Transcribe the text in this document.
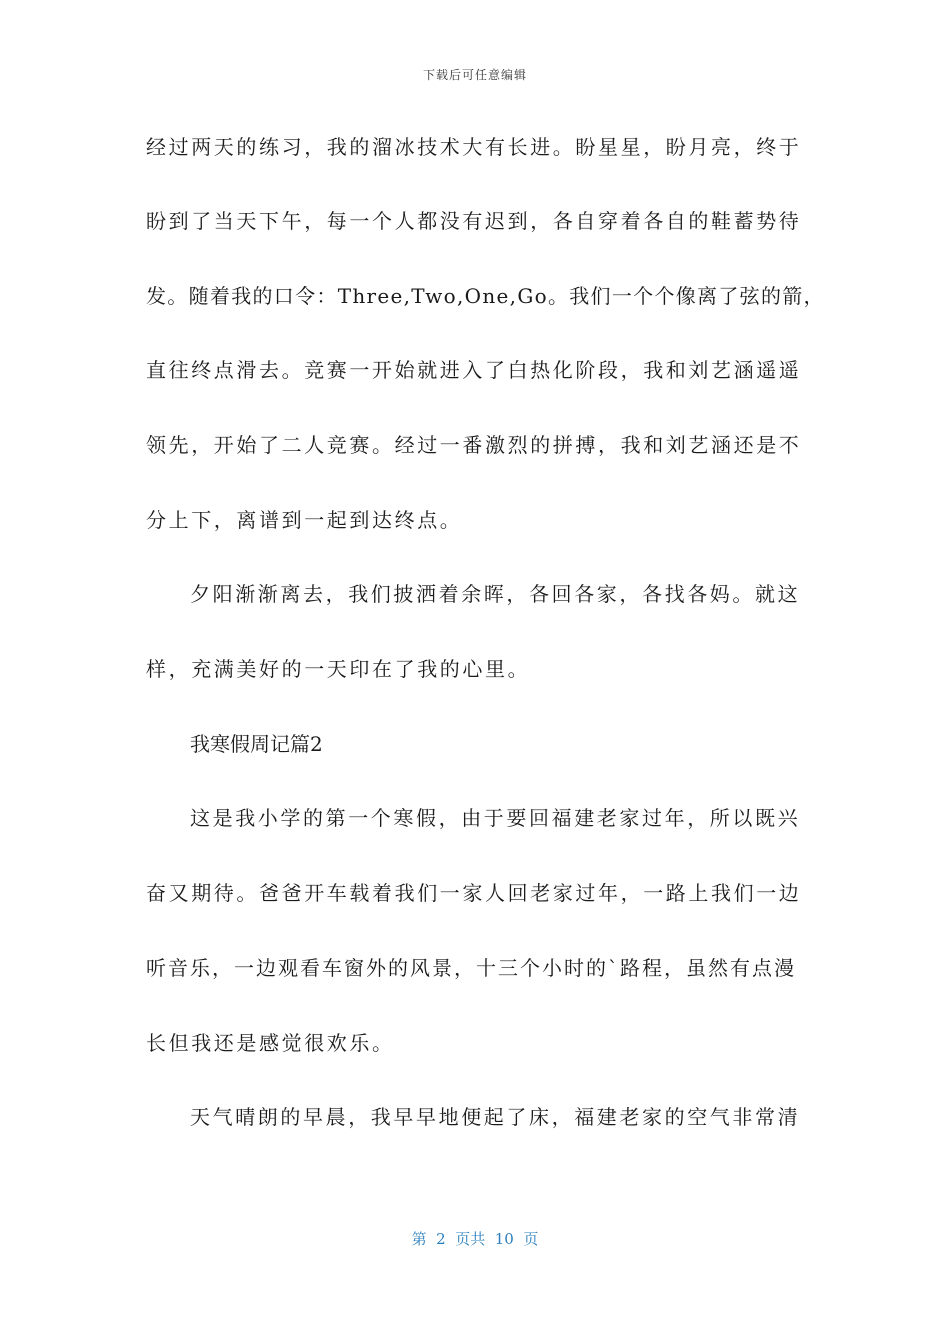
下载后可任意编辑
经过两天的练习，我的溜冰技术大有长进。盼星星，盼月亮，终于
盼到了当天下午，每一个人都没有迟到，各自穿着各自的鞋蓄势待
发。随着我的口令：Three,Two,One,Go。我们一个个像离了弦的箭，
直往终点滑去。竞赛一开始就进入了白热化阶段，我和刘艺涵遥遥
领先，开始了二人竞赛。经过一番激烈的拼搏，我和刘艺涵还是不
分上下，离谱到一起到达终点。
夕阳渐渐离去，我们披洒着余晖，各回各家，各找各妈。就这
样，充满美好的一天印在了我的心里。
我寒假周记篇2
这是我小学的第一个寒假，由于要回福建老家过年，所以既兴
奋又期待。爸爸开车载着我们一家人回老家过年，一路上我们一边
听音乐，一边观看车窗外的风景，十三个小时的`路程，虽然有点漫
长但我还是感觉很欢乐。
天气晴朗的早晨，我早早地便起了床，福建老家的空气非常清
第  2  页共  10  页
